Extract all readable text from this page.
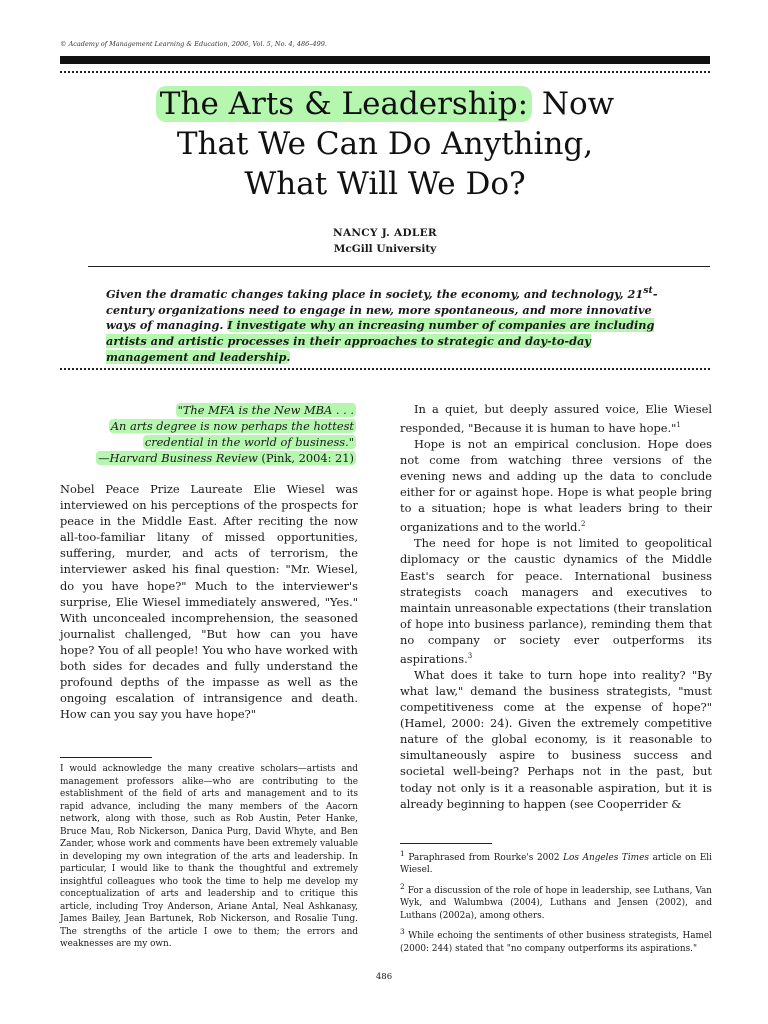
© Academy of Management Learning & Education, 2006, Vol. 5, No. 4, 486–499.
The Arts & Leadership: Now
That We Can Do Anything,
What Will We Do?
NANCY J. ADLER
McGill University

Given the dramatic changes taking place in society, the economy, and technology, 21st-century organizations need to engage in new, more spontaneous, and more innovative ways of managing. I investigate why an increasing number of companies are including artists and artistic processes in their approaches to strategic and day-to-day management and leadership.

"The MFA is the New MBA . . .
An arts degree is now perhaps the hottest
credential in the world of business."
—Harvard Business Review (Pink, 2004: 21)

Nobel Peace Prize Laureate Elie Wiesel was interviewed on his perceptions of the prospects for peace in the Middle East. After reciting the now all-too-familiar litany of missed opportunities, suffering, murder, and acts of terrorism, the interviewer asked his final question: "Mr. Wiesel, do you have hope?" Much to the interviewer's surprise, Elie Wiesel immediately answered, "Yes." With unconcealed incomprehension, the seasoned journalist challenged, "But how can you have hope? You of all people! You who have worked with both sides for decades and fully understand the profound depths of the impasse as well as the ongoing escalation of intransigence and death. How can you say you have hope?"

In a quiet, but deeply assured voice, Elie Wiesel responded, "Because it is human to have hope."$^1$

Hope is not an empirical conclusion. Hope does not come from watching three versions of the evening news and adding up the data to conclude either for or against hope. Hope is what people bring to a situation; hope is what leaders bring to their organizations and to the world.$^2$

The need for hope is not limited to geopolitical diplomacy or the caustic dynamics of the Middle East's search for peace. International business strategists coach managers and executives to maintain unreasonable expectations (their translation of hope into business parlance), reminding them that no company or society ever outperforms its aspirations.$^3$

What does it take to turn hope into reality? "By what law," demand the business strategists, "must competitiveness come at the expense of hope?" (Hamel, 2000: 24). Given the extremely competitive nature of the global economy, is it reasonable to simultaneously aspire to business success and societal well-being? Perhaps not in the past, but today not only is it a reasonable aspiration, but it is already beginning to happen (see Cooperrider &

I would acknowledge the many creative scholars—artists and management professors alike—who are contributing to the establishment of the field of arts and management and to its rapid advance, including the many members of the Aacorn network, along with those, such as Rob Austin, Peter Hanke, Bruce Mau, Rob Nickerson, Danica Purg, David Whyte, and Ben Zander, whose work and comments have been extremely valuable in developing my own integration of the arts and leadership. In particular, I would like to thank the thoughtful and extremely insightful colleagues who took the time to help me develop my conceptualization of arts and leadership and to critique this article, including Troy Anderson, Ariane Antal, Neal Ashkanasy, James Bailey, Jean Bartunek, Rob Nickerson, and Rosalie Tung. The strengths of the article I owe to them; the errors and weaknesses are my own.

$^1$ Paraphrased from Rourke's 2002 Los Angeles Times article on Eli Wiesel.

$^2$ For a discussion of the role of hope in leadership, see Luthans, Van Wyk, and Walumbwa (2004), Luthans and Jensen (2002), and Luthans (2002a), among others.

$^3$ While echoing the sentiments of other business strategists, Hamel (2000: 244) stated that "no company outperforms its aspirations."

486
